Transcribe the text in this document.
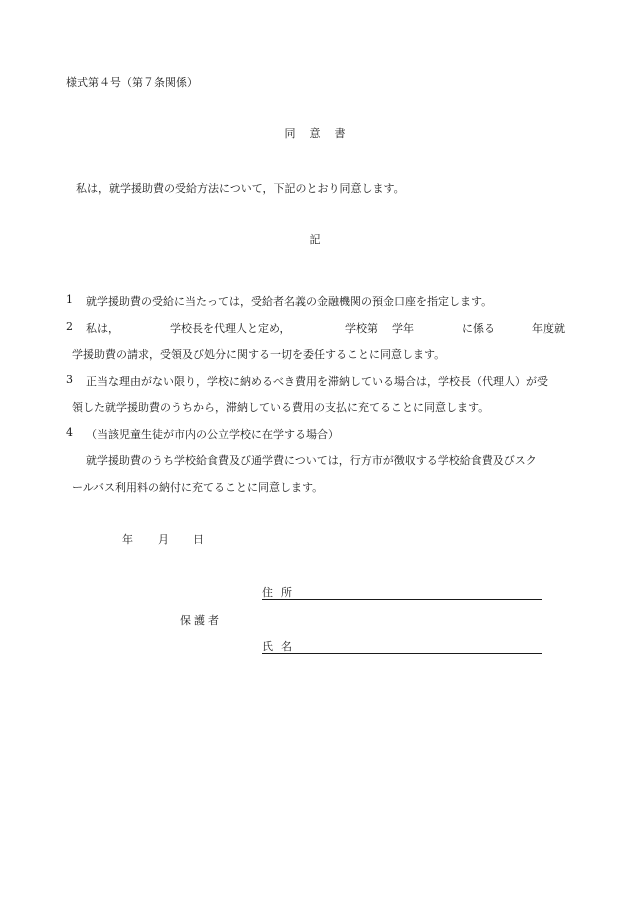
様式第４号（第７条関係）
同意書
私は，就学援助費の受給方法について，下記のとおり同意します。
記
1 就学援助費の受給に当たっては，受給者名義の金融機関の預金口座を指定します。
2 私は，	学校長を代理人と定め，	学校第 学年	に係る	年度就
学援助費の請求，受領及び処分に関する一切を委任することに同意します。
3 正当な理由がない限り，学校に納めるべき費用を滞納している場合は，学校長（代理人）が受
領した就学援助費のうちから，滞納している費用の支払に充てることに同意します。
4 （当該児童生徒が市内の公立学校に在学する場合）
就学援助費のうち学校給食費及び通学費については，行方市が徴収する学校給食費及びスク
ールバス利用料の納付に充てることに同意します。
年 月 日
保護者
住所
氏名
